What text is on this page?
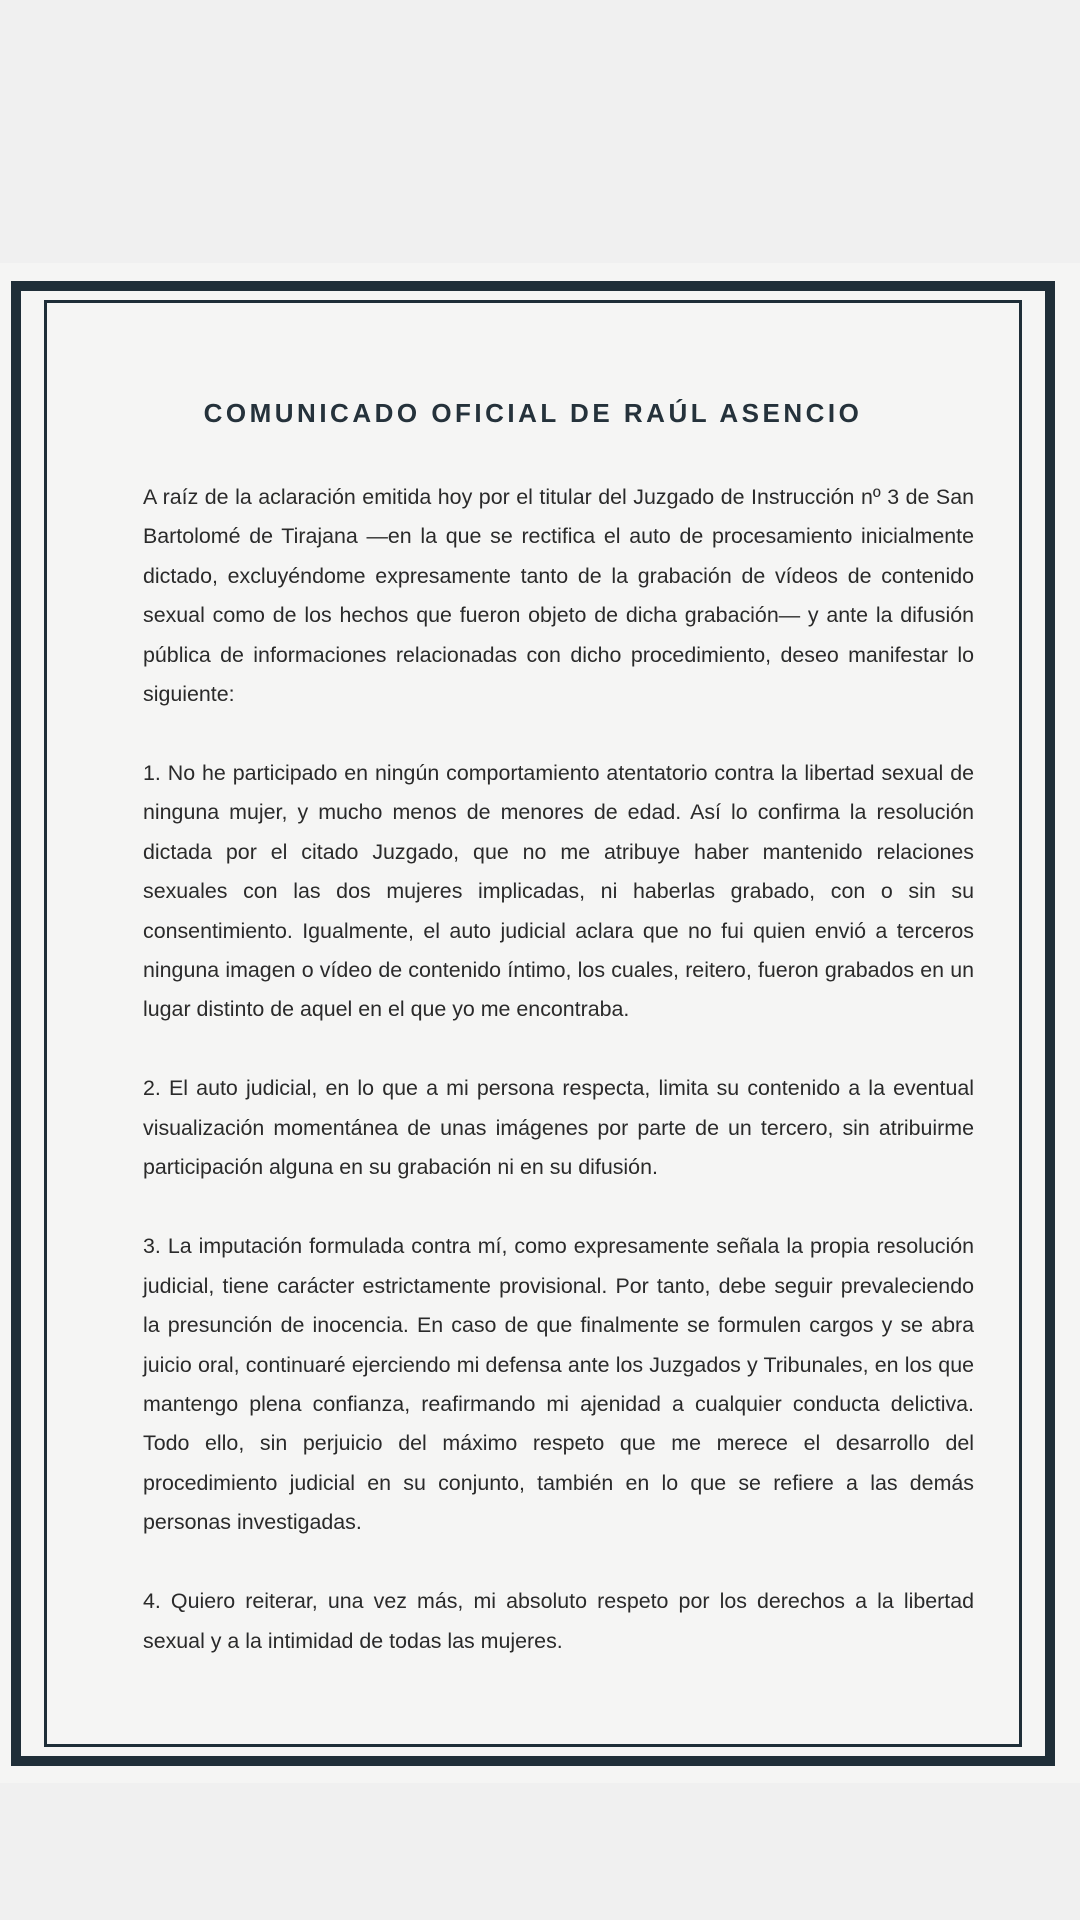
COMUNICADO OFICIAL DE RAÚL ASENCIO

A raíz de la aclaración emitida hoy por el titular del Juzgado de Instrucción nº 3 de San Bartolomé de Tirajana —en la que se rectifica el auto de procesamiento inicialmente dictado, excluyéndome expresamente tanto de la grabación de vídeos de contenido sexual como de los hechos que fueron objeto de dicha grabación— y ante la difusión pública de informaciones relacionadas con dicho procedimiento, deseo manifestar lo siguiente:

1. No he participado en ningún comportamiento atentatorio contra la libertad sexual de ninguna mujer, y mucho menos de menores de edad. Así lo confirma la resolución dictada por el citado Juzgado, que no me atribuye haber mantenido relaciones sexuales con las dos mujeres implicadas, ni haberlas grabado, con o sin su consentimiento. Igualmente, el auto judicial aclara que no fui quien envió a terceros ninguna imagen o vídeo de contenido íntimo, los cuales, reitero, fueron grabados en un lugar distinto de aquel en el que yo me encontraba.

2. El auto judicial, en lo que a mi persona respecta, limita su contenido a la eventual visualización momentánea de unas imágenes por parte de un tercero, sin atribuirme participación alguna en su grabación ni en su difusión.

3. La imputación formulada contra mí, como expresamente señala la propia resolución judicial, tiene carácter estrictamente provisional. Por tanto, debe seguir prevaleciendo la presunción de inocencia. En caso de que finalmente se formulen cargos y se abra juicio oral, continuaré ejerciendo mi defensa ante los Juzgados y Tribunales, en los que mantengo plena confianza, reafirmando mi ajenidad a cualquier conducta delictiva. Todo ello, sin perjuicio del máximo respeto que me merece el desarrollo del procedimiento judicial en su conjunto, también en lo que se refiere a las demás personas investigadas.

4. Quiero reiterar, una vez más, mi absoluto respeto por los derechos a la libertad sexual y a la intimidad de todas las mujeres.
